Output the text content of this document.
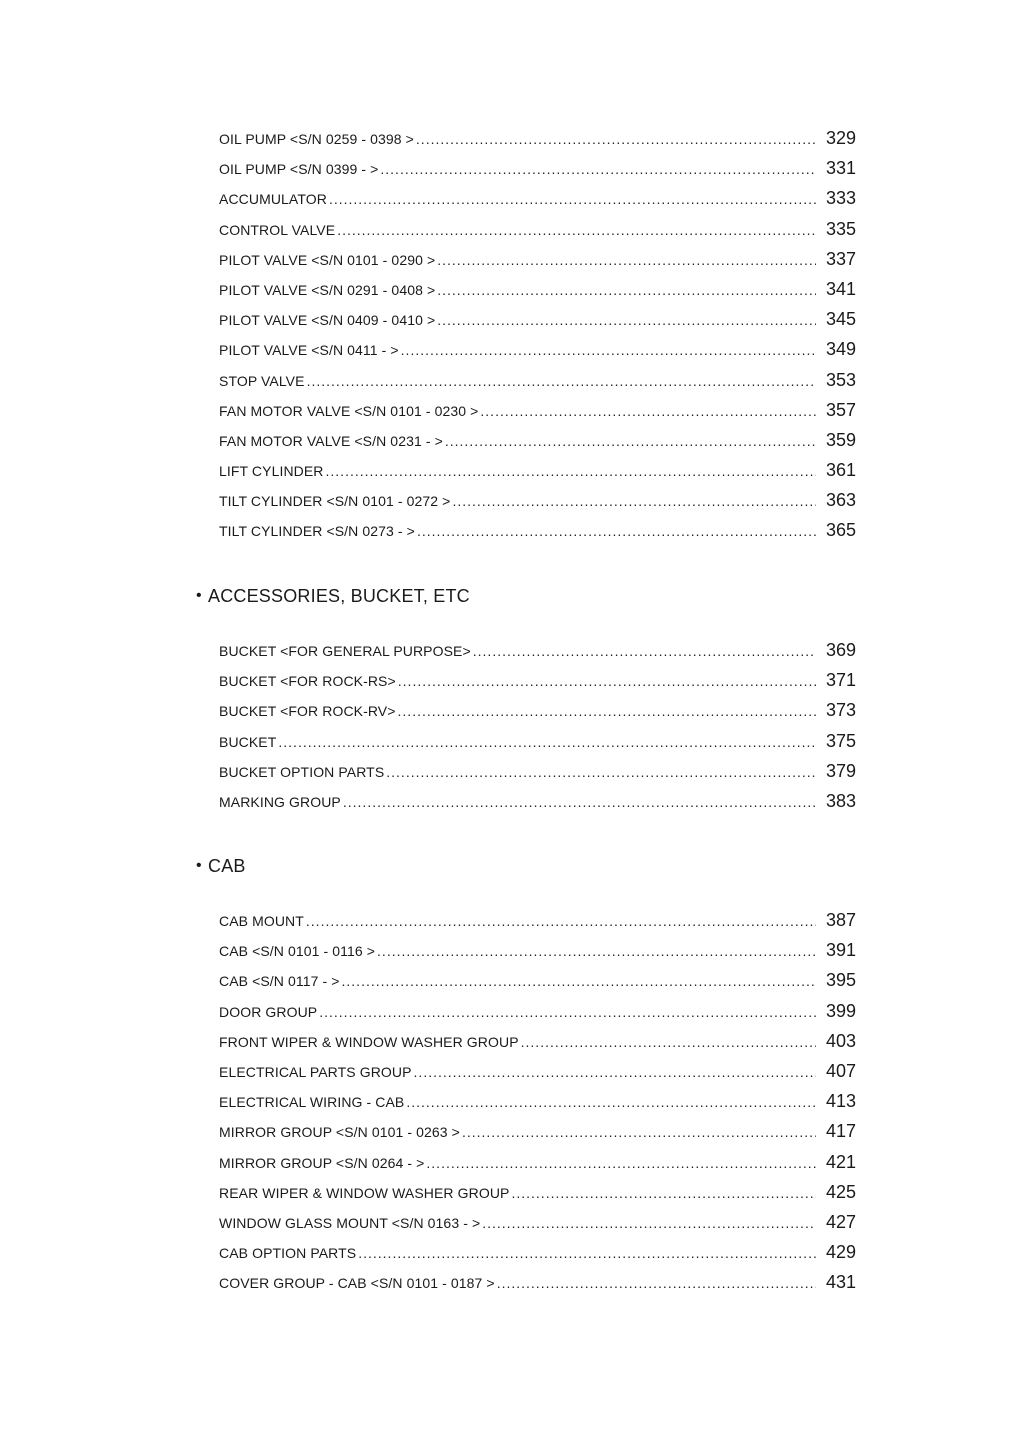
OIL PUMP <S/N 0259 - 0398 > .....	329
OIL PUMP <S/N 0399 - > .....	331
ACCUMULATOR .....	333
CONTROL VALVE .....	335
PILOT VALVE <S/N 0101 - 0290 > .....	337
PILOT VALVE <S/N 0291 - 0408 > .....	341
PILOT VALVE <S/N 0409 - 0410 > .....	345
PILOT VALVE <S/N 0411 - > .....	349
STOP VALVE .....	353
FAN MOTOR VALVE <S/N 0101 - 0230 > .....	357
FAN MOTOR VALVE <S/N 0231 - > .....	359
LIFT CYLINDER .....	361
TILT CYLINDER <S/N 0101 - 0272 > .....	363
TILT CYLINDER <S/N 0273 - > .....	365
• ACCESSORIES, BUCKET, ETC
BUCKET <FOR GENERAL PURPOSE> .....	369
BUCKET <FOR ROCK-RS> .....	371
BUCKET <FOR ROCK-RV> .....	373
BUCKET .....	375
BUCKET OPTION PARTS .....	379
MARKING GROUP .....	383
• CAB
CAB MOUNT .....	387
CAB <S/N 0101 - 0116 > .....	391
CAB <S/N 0117 - > .....	395
DOOR GROUP .....	399
FRONT WIPER & WINDOW WASHER GROUP .....	403
ELECTRICAL PARTS GROUP .....	407
ELECTRICAL WIRING - CAB .....	413
MIRROR GROUP <S/N 0101 - 0263 > .....	417
MIRROR GROUP <S/N 0264 - > .....	421
REAR WIPER & WINDOW WASHER GROUP .....	425
WINDOW GLASS MOUNT <S/N 0163 - > .....	427
CAB OPTION PARTS .....	429
COVER GROUP - CAB <S/N 0101 - 0187 > .....	431
